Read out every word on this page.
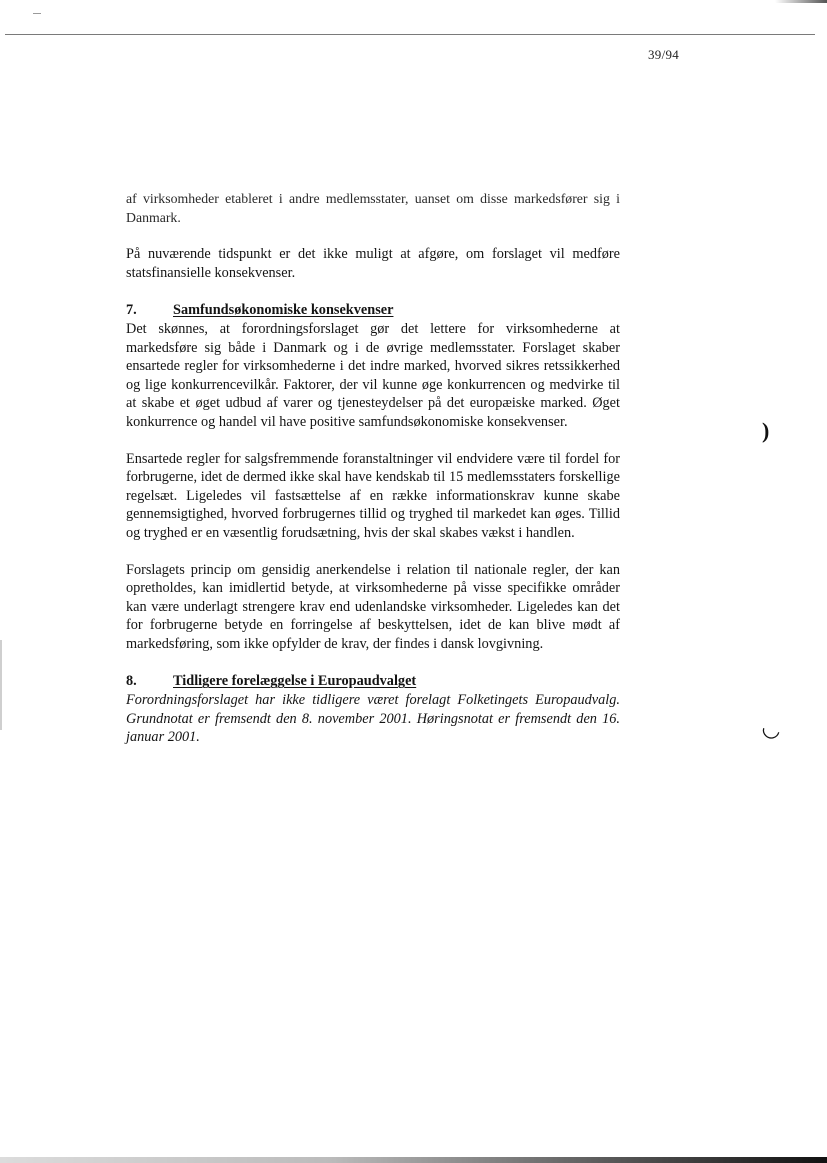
39/94

af virksomheder etableret i andre medlemsstater, uanset om disse markedsfører sig i Danmark.

På nuværende tidspunkt er det ikke muligt at afgøre, om forslaget vil medføre statsfinansielle konsekvenser.

7.	Samfundsøkonomiske konsekvenser

Det skønnes, at forordningsforslaget gør det lettere for virksomhederne at markedsføre sig både i Danmark og i de øvrige medlemsstater. Forslaget skaber ensartede regler for virksomhederne i det indre marked, hvorved sikres retssikkerhed og lige konkurrencevilkår. Faktorer, der vil kunne øge konkurrencen og medvirke til at skabe et øget udbud af varer og tjenesteydelser på det europæiske marked. Øget konkurrence og handel vil have positive samfundsøkonomiske konsekvenser.

Ensartede regler for salgsfremmende foranstaltninger vil endvidere være til fordel for forbrugerne, idet de dermed ikke skal have kendskab til 15 medlemsstaters forskellige regelsæt. Ligeledes vil fastsættelse af en række informationskrav kunne skabe gennemsigtighed, hvorved forbrugernes tillid og tryghed til markedet kan øges. Tillid og tryghed er en væsentlig forudsætning, hvis der skal skabes vækst i handlen.

Forslagets princip om gensidig anerkendelse i relation til nationale regler, der kan opretholdes, kan imidlertid betyde, at virksomhederne på visse specifikke områder kan være underlagt strengere krav end udenlandske virksomheder. Ligeledes kan det for forbrugerne betyde en forringelse af beskyttelsen, idet de kan blive mødt af markedsføring, som ikke opfylder de krav, der findes i dansk lovgivning.

8.	Tidligere forelæggelse i Europaudvalget

Forordningsforslaget har ikke tidligere været forelagt Folketingets Europaudvalg. Grundnotat er fremsendt den 8. november 2001. Høringsnotat er fremsendt den 16. januar 2001.

)
◡
